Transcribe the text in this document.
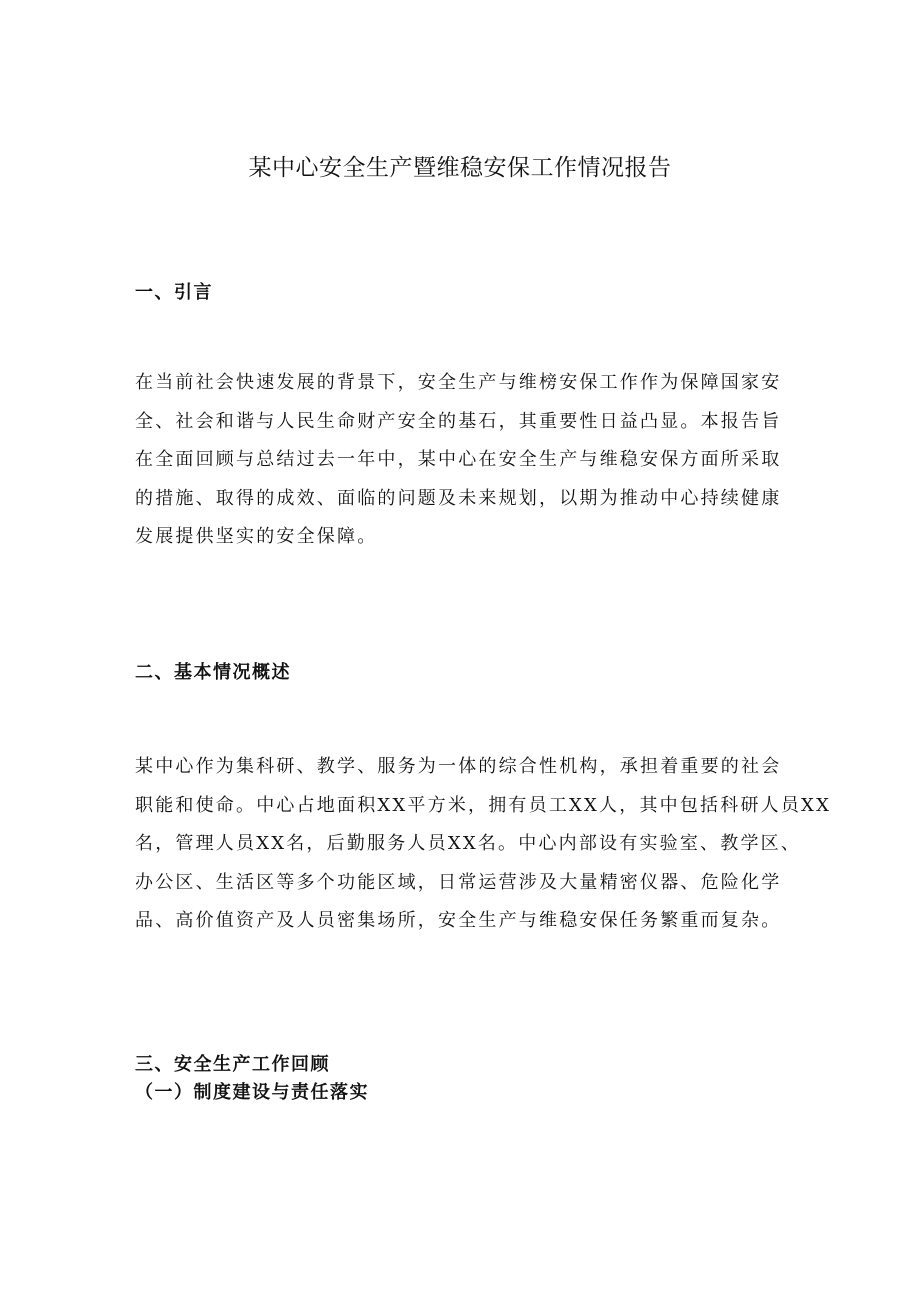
某中心安全生产暨维稳安保工作情况报告
一、引言

在当前社会快速发展的背景下，安全生产与维榜安保工作作为保障国家安
全、社会和谐与人民生命财产安全的基石，其重要性日益凸显。本报告旨
在全面回顾与总结过去一年中，某中心在安全生产与维稳安保方面所采取
的措施、取得的成效、面临的问题及未来规划，以期为推动中心持续健康
发展提供坚实的安全保障。

二、基本情况概述

某中心作为集科研、教学、服务为一体的综合性机构，承担着重要的社会
职能和使命。中心占地面积XX平方米，拥有员工XX人，其中包括科研人员XX
名，管理人员XX名，后勤服务人员XX名。中心内部设有实验室、教学区、
办公区、生活区等多个功能区域，日常运营涉及大量精密仪器、危险化学
品、高价值资产及人员密集场所，安全生产与维稳安保任务繁重而复杂。

三、安全生产工作回顾
（一）制度建设与责任落实
